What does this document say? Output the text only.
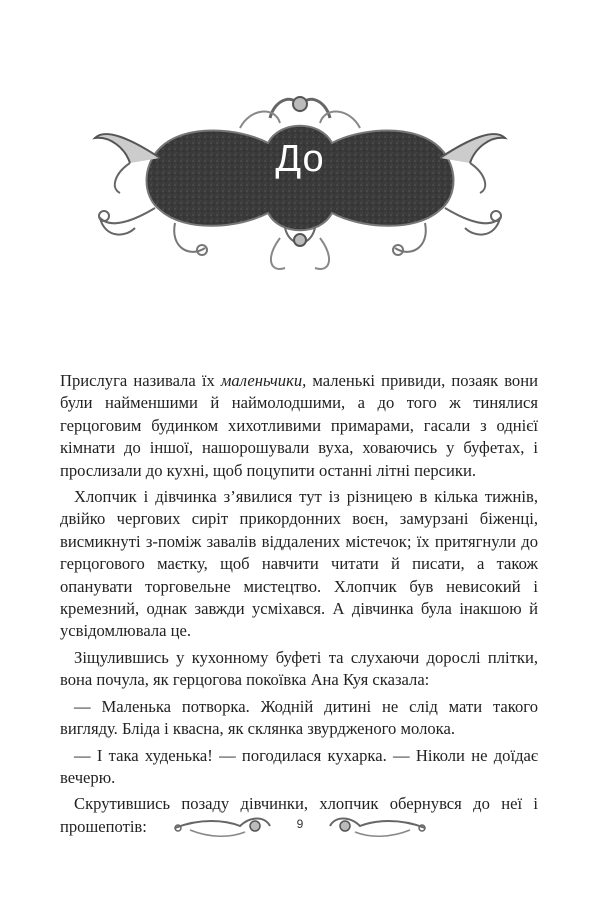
До

Прислуга називала їх маленьчики, маленькі привиди, позаяк вони були найменшими й наймолодшими, а до того ж тинялися герцоговим будинком хихотливими примарами, гасали з однієї кімнати до іншої, нашорошували вуха, ховаючись у буфетах, і прослизали до кухні, щоб поцупити останні літні персики.

Хлопчик і дівчинка з’явилися тут із різницею в кілька тижнів, двійко чергових сиріт прикордонних воєн, замурзані біженці, висмикнуті з-поміж завалів віддалених містечок; їх притягнули до герцогового маєтку, щоб навчити читати й писати, а також опанувати торговельне мистецтво. Хлопчик був невисокий і кремезний, однак завжди усміхався. А дівчинка була інакшою й усвідомлювала це.

Зіщулившись у кухонному буфеті та слухаючи дорослі плітки, вона почула, як герцогова покоївка Ана Куя сказала:

— Маленька потворка. Жодній дитині не слід мати такого вигляду. Бліда і квасна, як склянка звурдженого молока.

— І така худенька! — погодилася кухарка. — Ніколи не доїдає вечерю.

Скрутившись позаду дівчинки, хлопчик обернувся до неї і прошепотів:	9
